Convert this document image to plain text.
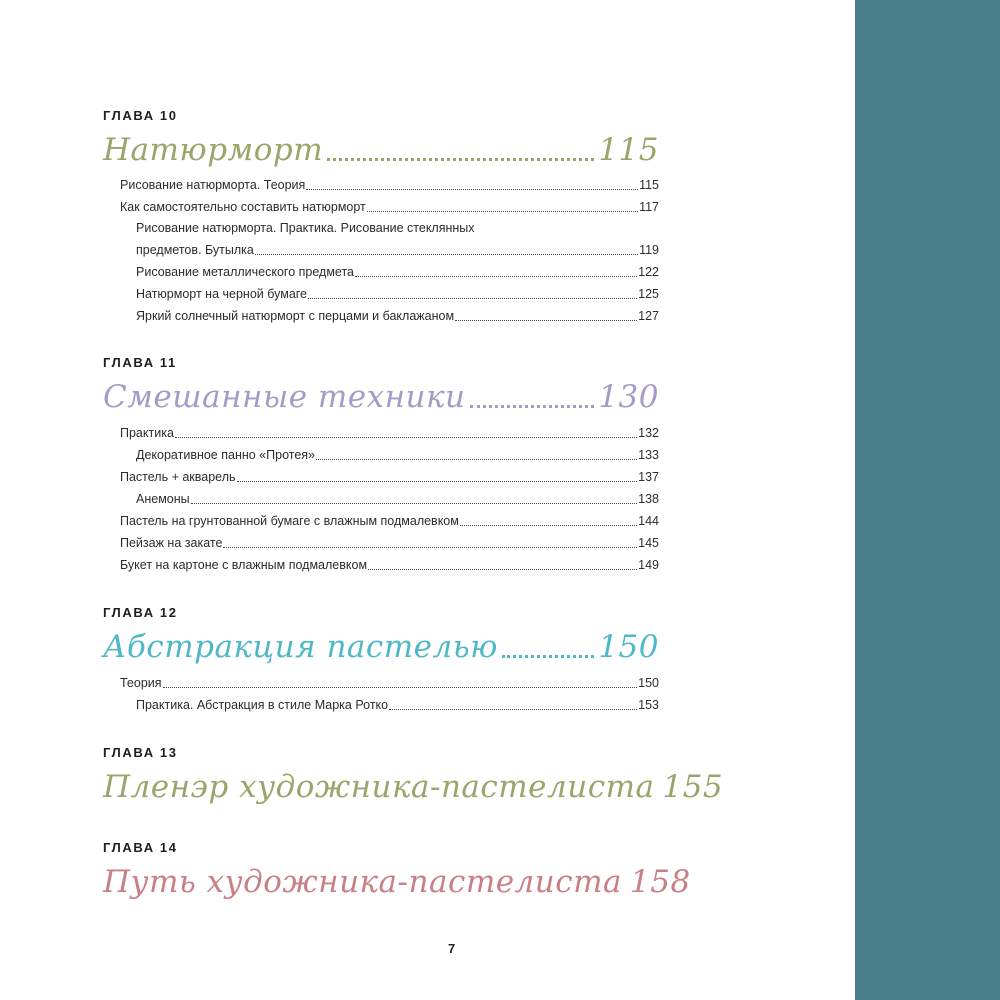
ГЛАВА 10
Натюрморт	115
Рисование натюрморта. Теория	115
Как самостоятельно составить натюрморт	117
Рисование натюрморта. Практика. Рисование стеклянных
предметов. Бутылка	119
Рисование металлического предмета	122
Натюрморт на черной бумаге	125
Яркий солнечный натюрморт с перцами и баклажаном	127
ГЛАВА 11
Смешанные техники	130
Практика	132
Декоративное панно «Протея»	133
Пастель + акварель	137
Анемоны	138
Пастель на грунтованной бумаге с влажным подмалевком	144
Пейзаж на закате	145
Букет на картоне с влажным подмалевком	149
ГЛАВА 12
Абстракция пастелью	150
Теория	150
Практика. Абстракция в стиле Марка Ротко	153
ГЛАВА 13
Пленэр художника-пастелиста 155
ГЛАВА 14
Путь художника-пастелиста 158
7
